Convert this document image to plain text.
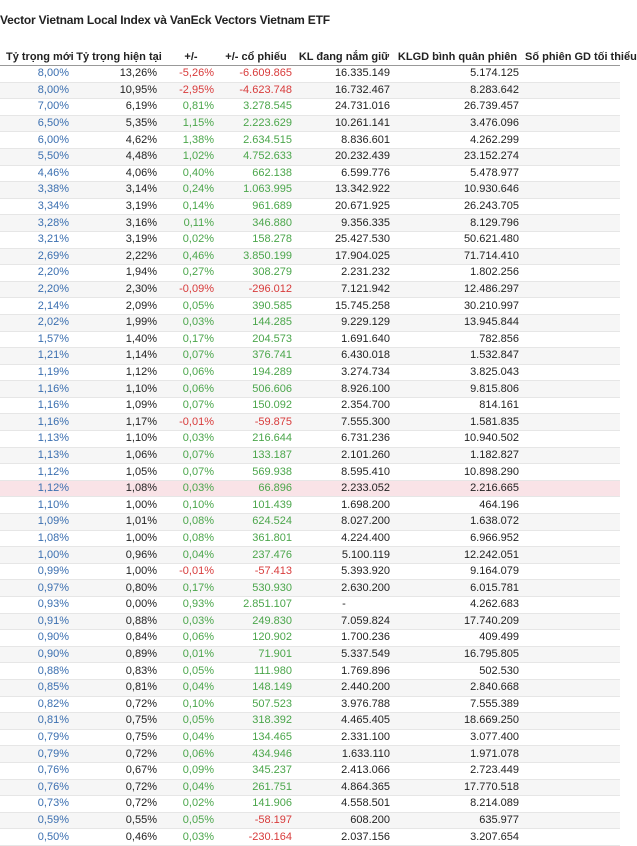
Vector Vietnam Local Index và VanEck Vectors Vietnam ETF
Tỷ trọng mới	Tỷ trọng hiện tại	+/-	+/- cổ phiếu	KL đang nắm giữ	KLGD bình quân phiên	Số phiên GD tối thiểu
8,00%	13,26%	-5,26%	-6.609.865	16.335.149	5.174.125	
8,00%	10,95%	-2,95%	-4.623.748	16.732.467	8.283.642	
7,00%	6,19%	0,81%	3.278.545	24.731.016	26.739.457	
6,50%	5,35%	1,15%	2.223.629	10.261.141	3.476.096	
6,00%	4,62%	1,38%	2.634.515	8.836.601	4.262.299	
5,50%	4,48%	1,02%	4.752.633	20.232.439	23.152.274	
4,46%	4,06%	0,40%	662.138	6.599.776	5.478.977	
3,38%	3,14%	0,24%	1.063.995	13.342.922	10.930.646	
3,34%	3,19%	0,14%	961.689	20.671.925	26.243.705	
3,28%	3,16%	0,11%	346.880	9.356.335	8.129.796	
3,21%	3,19%	0,02%	158.278	25.427.530	50.621.480	
2,69%	2,22%	0,46%	3.850.199	17.904.025	71.714.410	
2,20%	1,94%	0,27%	308.279	2.231.232	1.802.256	
2,20%	2,30%	-0,09%	-296.012	7.121.942	12.486.297	
2,14%	2,09%	0,05%	390.585	15.745.258	30.210.997	
2,02%	1,99%	0,03%	144.285	9.229.129	13.945.844	
1,57%	1,40%	0,17%	204.573	1.691.640	782.856	
1,21%	1,14%	0,07%	376.741	6.430.018	1.532.847	
1,19%	1,12%	0,06%	194.289	3.274.734	3.825.043	
1,16%	1,10%	0,06%	506.606	8.926.100	9.815.806	
1,16%	1,09%	0,07%	150.092	2.354.700	814.161	
1,16%	1,17%	-0,01%	-59.875	7.555.300	1.581.835	
1,13%	1,10%	0,03%	216.644	6.731.236	10.940.502	
1,13%	1,06%	0,07%	133.187	2.101.260	1.182.827	
1,12%	1,05%	0,07%	569.938	8.595.410	10.898.290	
1,12%	1,08%	0,03%	66.896	2.233.052	2.216.665	
1,10%	1,00%	0,10%	101.439	1.698.200	464.196	
1,09%	1,01%	0,08%	624.524	8.027.200	1.638.072	
1,08%	1,00%	0,08%	361.801	4.224.400	6.966.952	
1,00%	0,96%	0,04%	237.476	5.100.119	12.242.051	
0,99%	1,00%	-0,01%	-57.413	5.393.920	9.164.079	
0,97%	0,80%	0,17%	530.930	2.630.200	6.015.781	
0,93%	0,00%	0,93%	2.851.107	-	4.262.683	
0,91%	0,88%	0,03%	249.830	7.059.824	17.740.209	
0,90%	0,84%	0,06%	120.902	1.700.236	409.499	
0,90%	0,89%	0,01%	71.901	5.337.549	16.795.805	
0,88%	0,83%	0,05%	111.980	1.769.896	502.530	
0,85%	0,81%	0,04%	148.149	2.440.200	2.840.668	
0,82%	0,72%	0,10%	507.523	3.976.788	7.555.389	
0,81%	0,75%	0,05%	318.392	4.465.405	18.669.250	
0,79%	0,75%	0,04%	134.465	2.331.100	3.077.400	
0,79%	0,72%	0,06%	434.946	1.633.110	1.971.078	
0,76%	0,67%	0,09%	345.237	2.413.066	2.723.449	
0,76%	0,72%	0,04%	261.751	4.864.365	17.770.518	
0,73%	0,72%	0,02%	141.906	4.558.501	8.214.089	
0,59%	0,55%	0,05%	-58.197	608.200	635.977	
0,50%	0,46%	0,03%	-230.164	2.037.156	3.207.654	
